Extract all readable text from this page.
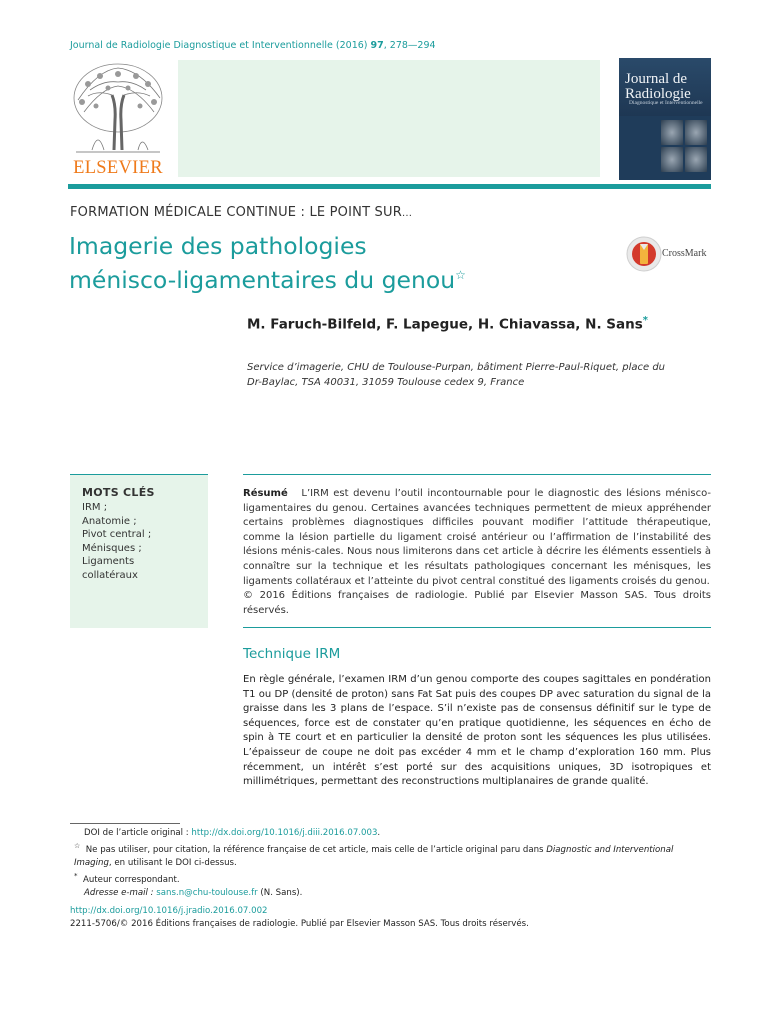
Journal de Radiologie Diagnostique et Interventionnelle (2016) 97, 278—294
ELSEVIER
Journal de Radiologie
Diagnostique et Interventionnelle
FORMATION MÉDICALE CONTINUE : LE POINT SUR...
Imagerie des pathologies
ménisco-ligamentaires du genou☆
CrossMark
M. Faruch-Bilfeld, F. Lapegue, H. Chiavassa, N. Sans*
Service d’imagerie, CHU de Toulouse-Purpan, bâtiment Pierre-Paul-Riquet, place du
Dr-Baylac, TSA 40031, 31059 Toulouse cedex 9, France
MOTS CLÉS
IRM ;
Anatomie ;
Pivot central ;
Ménisques ;
Ligaments
collatéraux
Résumé L’IRM est devenu l’outil incontournable pour le diagnostic des lésions ménisco-ligamentaires du genou. Certaines avancées techniques permettent de mieux appréhender certains problèmes diagnostiques difficiles pouvant modifier l’attitude thérapeutique, comme la lésion partielle du ligament croisé antérieur ou l’affirmation de l’instabilité des lésions ménis-cales. Nous nous limiterons dans cet article à décrire les éléments essentiels à connaître sur la technique et les résultats pathologiques concernant les ménisques, les ligaments collatéraux et l’atteinte du pivot central constitué des ligaments croisés du genou.
© 2016 Éditions françaises de radiologie. Publié par Elsevier Masson SAS. Tous droits réservés.
Technique IRM
En règle générale, l’examen IRM d’un genou comporte des coupes sagittales en pondération T1 ou DP (densité de proton) sans Fat Sat puis des coupes DP avec saturation du signal de la graisse dans les 3 plans de l’espace. S’il n’existe pas de consensus définitif sur le type de séquences, force est de constater qu’en pratique quotidienne, les séquences en écho de spin à TE court et en particulier la densité de proton sont les séquences les plus utilisées. L’épaisseur de coupe ne doit pas excéder 4 mm et le champ d’exploration 160 mm. Plus récemment, un intérêt s’est porté sur des acquisitions uniques, 3D isotropiques et millimétriques, permettant des reconstructions multiplanaires de grande qualité.
DOI de l’article original : http://dx.doi.org/10.1016/j.diii.2016.07.003.
☆ Ne pas utiliser, pour citation, la référence française de cet article, mais celle de l’article original paru dans Diagnostic and Interventional Imaging, en utilisant le DOI ci-dessus.
* Auteur correspondant.
Adresse e-mail : sans.n@chu-toulouse.fr (N. Sans).
http://dx.doi.org/10.1016/j.jradio.2016.07.002
2211-5706/© 2016 Éditions françaises de radiologie. Publié par Elsevier Masson SAS. Tous droits réservés.
